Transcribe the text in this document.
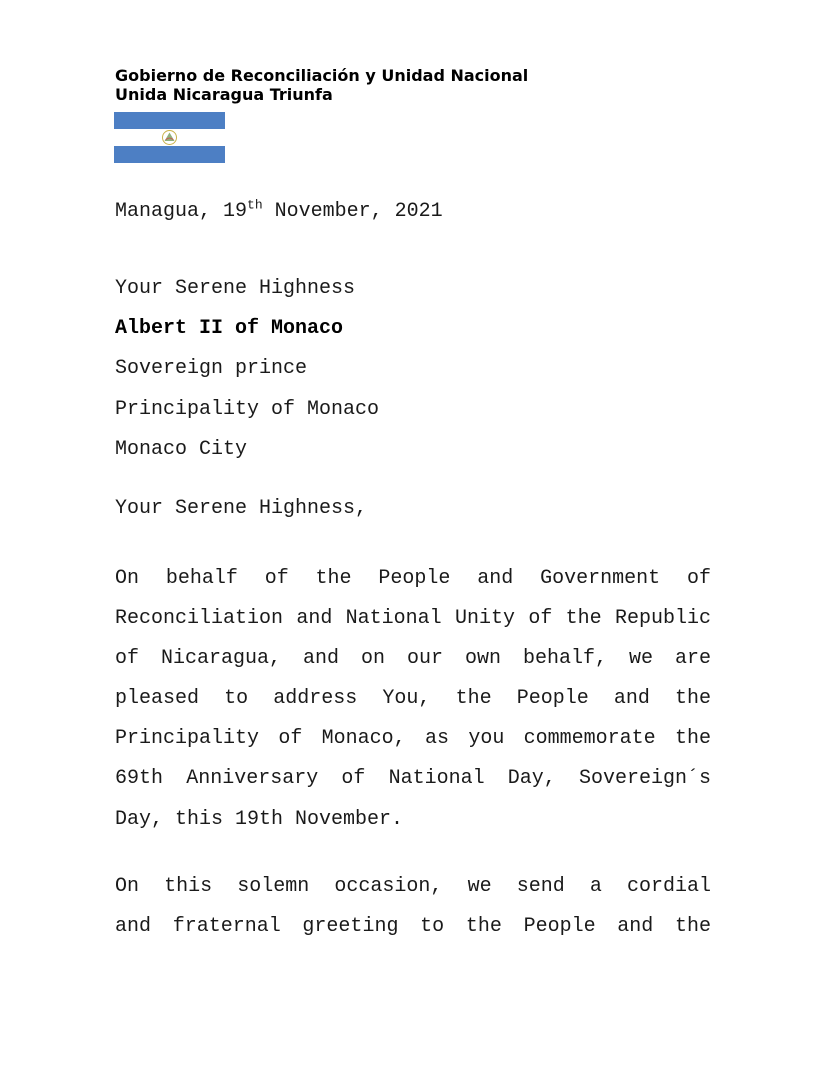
Gobierno de Reconciliación y Unidad Nacional
Unida Nicaragua Triunfa
Managua, 19th November, 2021
Your Serene Highness
Albert II of Monaco
Sovereign prince
Principality of Monaco
Monaco City
Your Serene Highness,
On behalf of the People and Government of
Reconciliation and National Unity of the Republic
of Nicaragua, and on our own behalf, we are
pleased to address You, the People and the
Principality of Monaco, as you commemorate the
69th Anniversary of National Day, Sovereign´s
Day, this 19th November.
On this solemn occasion, we send a cordial
and fraternal greeting to the People and the
